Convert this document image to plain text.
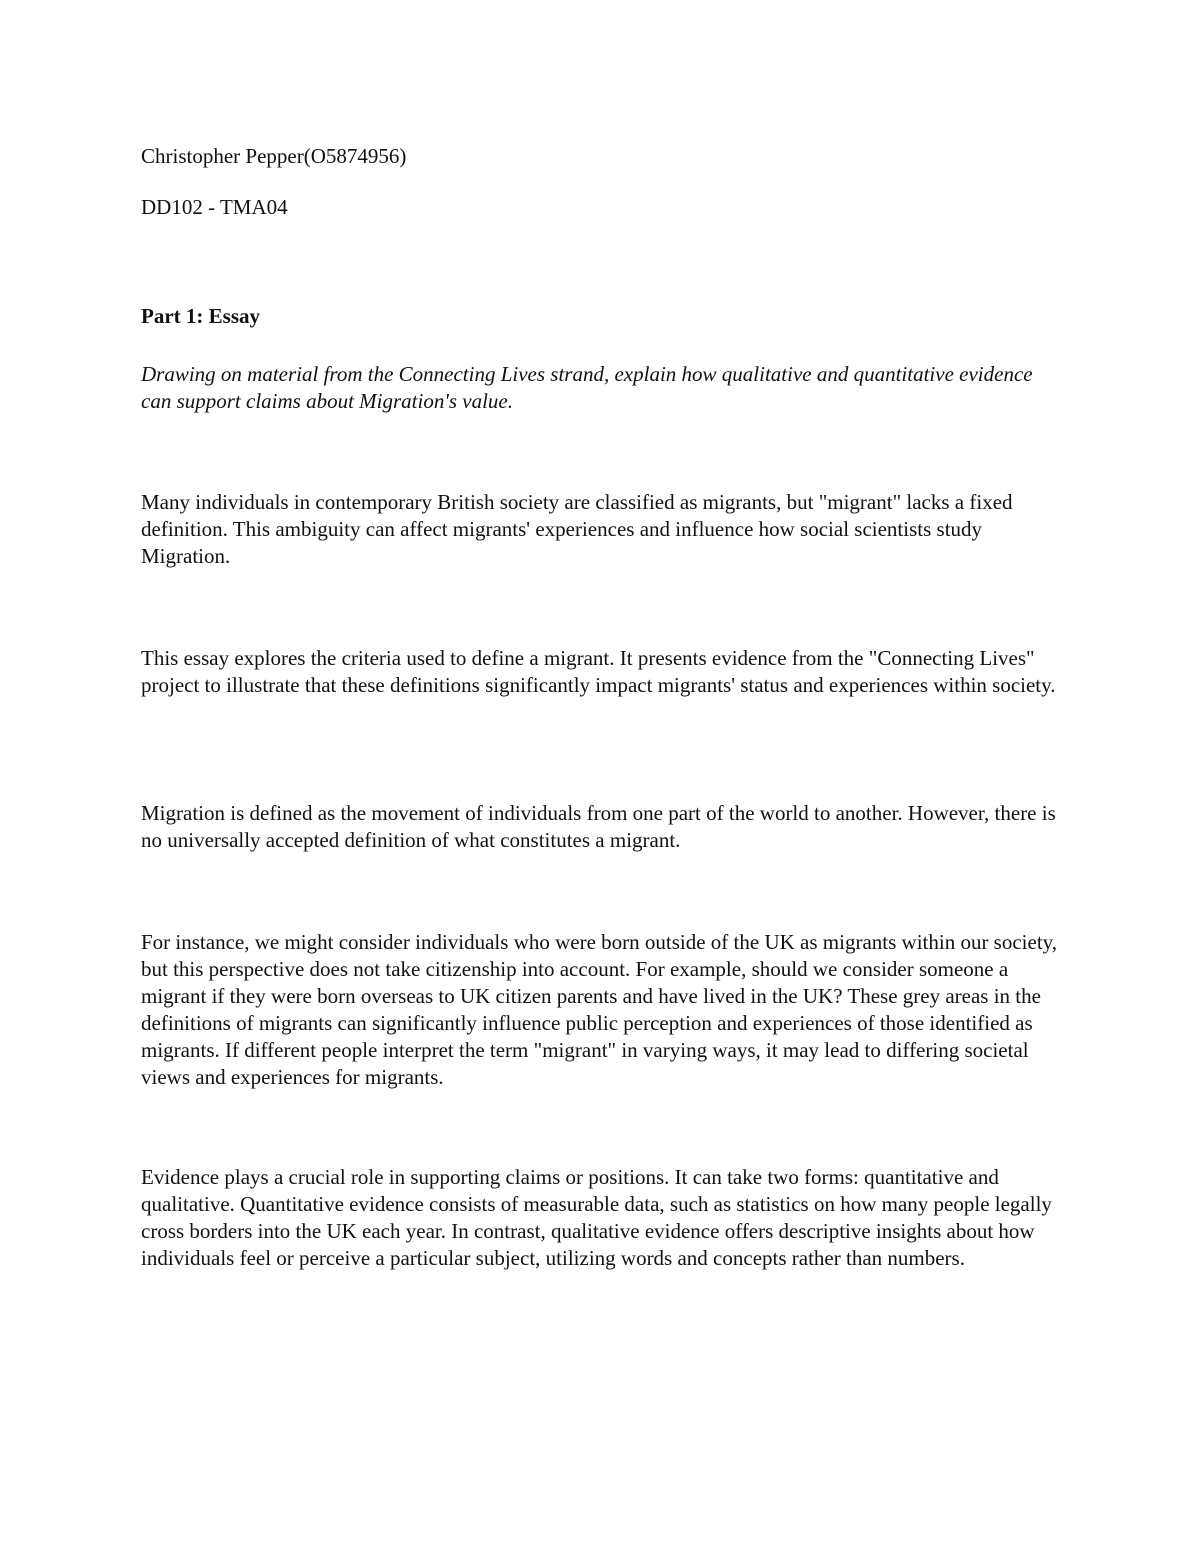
Christopher Pepper(O5874956)

DD102 - TMA04

Part 1: Essay

Drawing on material from the Connecting Lives strand, explain how qualitative and quantitative evidence can support claims about Migration's value.

Many individuals in contemporary British society are classified as migrants, but "migrant" lacks a fixed definition. This ambiguity can affect migrants' experiences and influence how social scientists study Migration.

This essay explores the criteria used to define a migrant. It presents evidence from the "Connecting Lives" project to illustrate that these definitions significantly impact migrants' status and experiences within society.

Migration is defined as the movement of individuals from one part of the world to another. However, there is no universally accepted definition of what constitutes a migrant.

For instance, we might consider individuals who were born outside of the UK as migrants within our society, but this perspective does not take citizenship into account. For example, should we consider someone a migrant if they were born overseas to UK citizen parents and have lived in the UK? These grey areas in the definitions of migrants can significantly influence public perception and experiences of those identified as migrants. If different people interpret the term "migrant" in varying ways, it may lead to differing societal views and experiences for migrants.

Evidence plays a crucial role in supporting claims or positions. It can take two forms: quantitative and qualitative. Quantitative evidence consists of measurable data, such as statistics on how many people legally cross borders into the UK each year. In contrast, qualitative evidence offers descriptive insights about how individuals feel or perceive a particular subject, utilizing words and concepts rather than numbers.
